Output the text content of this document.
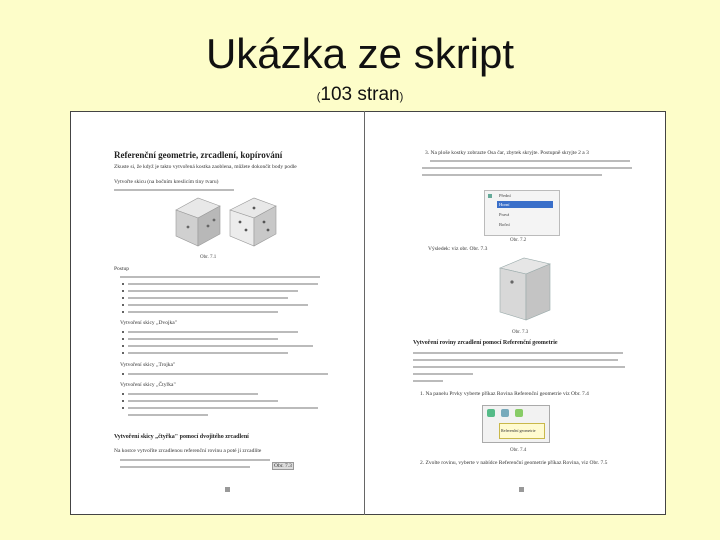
Ukázka ze skript
(103 stran)
Referenční geometrie, zrcadlení, kopírování
Zkuste si, že když je takto vytvořená kostka zaoblena, můžete dokončit body podle
Vytvořte skicu (na bočním kreslicím tiny tvaru)
Obr. 7.1
Postup
Vytvoření skicy „Dvojka"
Vytvoření skicy „Trojka"
Vytvoření skicy „Čtyřka"
Vytvoření skicy „čtyřka" pomocí dvojitého zrcadlení
Na kostce vytvoříte zrcadlenou referenční rovinu a poté ji zrcadlíte
Obr. 7.3
3. Na ploše kostky zobrazte Osa čar, zbytek skryjte. Postupně skryjte 2 a 3
Přední
Horní
Pravá
Boční
Obr. 7.2
Výsledek: viz obr. Obr. 7.3
Obr. 7.3
Vytvoření roviny zrcadlení pomocí Referenční geometrie
1. Na panelu Prvky vyberte příkaz Rovina Referenční geometrie viz Obr. 7.4
Referenční geometrie
Obr. 7.4
2. Zvolte rovinu, vyberte v nabídce Referenční geometrie příkaz Rovina, viz Obr. 7.5
